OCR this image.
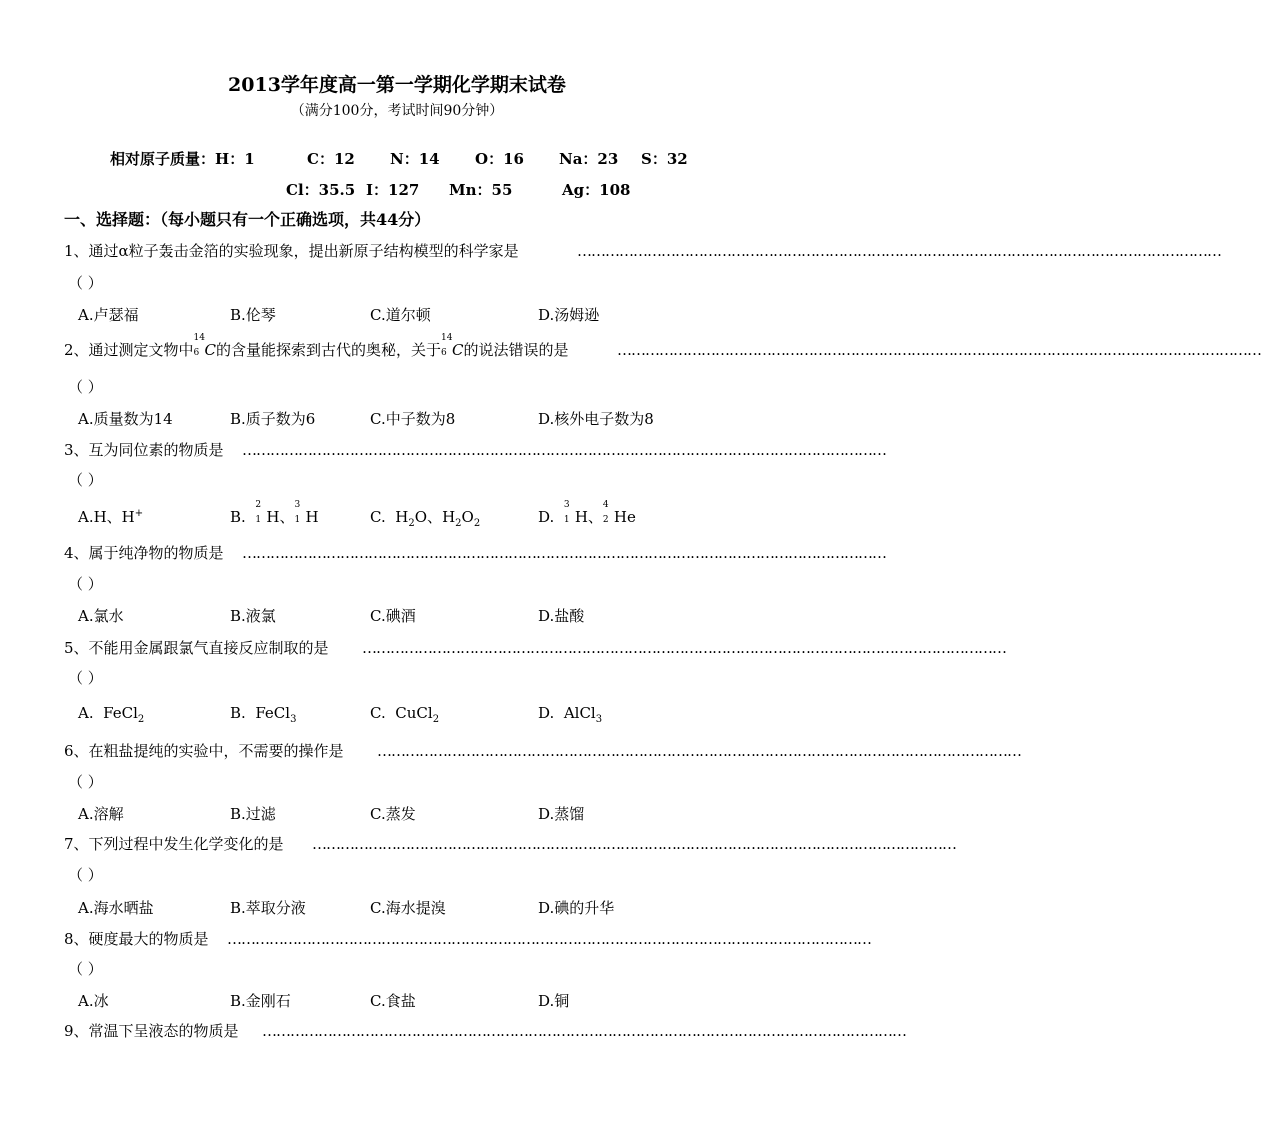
2013学年度高一第一学期化学期末试卷
（满分100分，考试时间90分钟）
相对原子质量：H：1	C：12 N：14 O：16 Na：23 S：32
Cl：35.5 I：127 Mn：55	Ag：108
一、选择题：（每小题只有一个正确选项，共44分）
1、通过α粒子轰击金箔的实验现象，提出新原子结构模型的科学家是	…………………………………………………………………………………………………………………………
（ ）
A.卢瑟福	B.伦琴	C.道尔顿	D.汤姆逊
2、通过测定文物中
14
6 C的含量能探索到古代的奥秘，关于
14
6 C的说法错误的是	…………………………………………………………………………………………………………………………
（ ）
A.质量数为14	B.质子数为6	C.中子数为8	D.核外电子数为8
3、互为同位素的物质是 …………………………………………………………………………………………………………………………
（ ）
A.H、H+	B.
2
1 H、
3
1 H	C. $H_2O$、$H_2O_2$	D.
3
1 H、
4
2 He
4、属于纯净物的物质是 …………………………………………………………………………………………………………………………
（ ）
A.氯水	B.液氯	C.碘酒	D.盐酸
5、不能用金属跟氯气直接反应制取的是 …………………………………………………………………………………………………………………………
（ ）
A. FeCl$_2$	B. FeCl$_3$	C. CuCl$_2$	D. AlCl$_3$
6、在粗盐提纯的实验中，不需要的操作是 …………………………………………………………………………………………………………………………
（ ）
A.溶解	B.过滤	C.蒸发	D.蒸馏
7、下列过程中发生化学变化的是 …………………………………………………………………………………………………………………………
（ ）
A.海水晒盐	B.萃取分液	C.海水提溴	D.碘的升华
8、硬度最大的物质是 …………………………………………………………………………………………………………………………
（ ）
A.冰	B.金刚石	C.食盐	D.铜
9、常温下呈液态的物质是 …………………………………………………………………………………………………………………………
